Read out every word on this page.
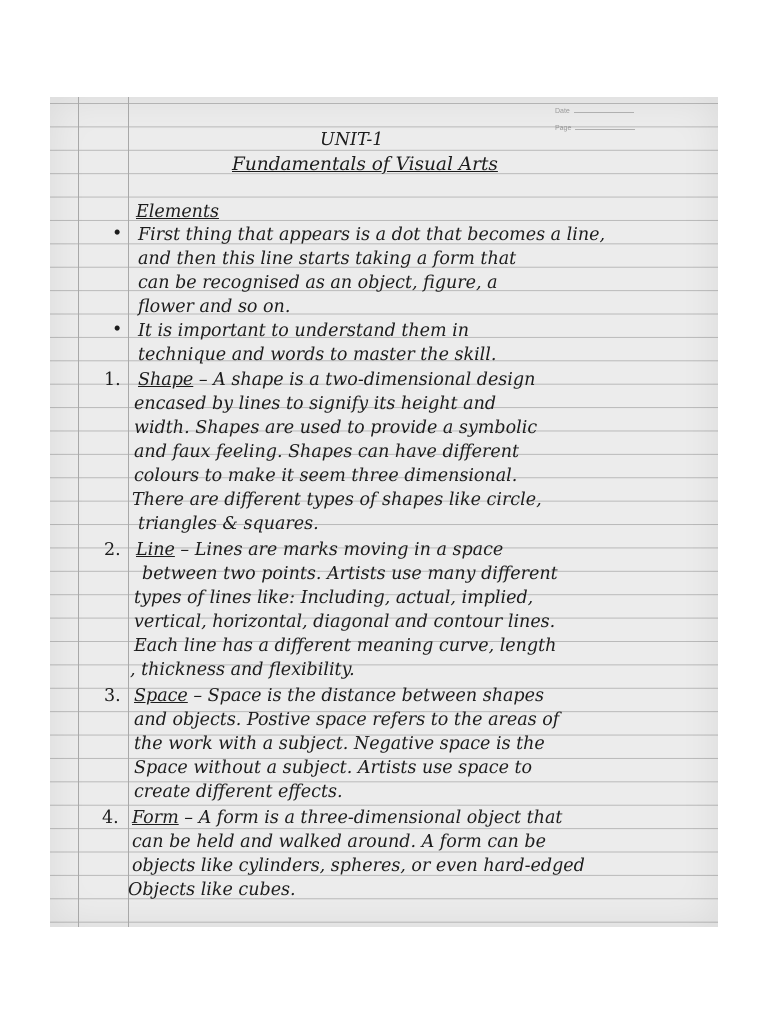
Date
Page
UNIT-1
Fundamentals of Visual Arts
Elements
• First thing that appears is a dot that becomes a line,
and then this line starts taking a form that
can be recognised as an object, figure, a
flower and so on.
• It is important to understand them in
technique and words to master the skill.
1. Shape – A shape is a two-dimensional design
encased by lines to signify its height and
width. Shapes are used to provide a symbolic
and faux feeling. Shapes can have different
colours to make it seem three dimensional.
There are different types of shapes like circle,
triangles & squares.
2. Line – Lines are marks moving in a space
between two points. Artists use many different
types of lines like: Including, actual, implied,
vertical, horizontal, diagonal and contour lines.
Each line has a different meaning curve, length
, thickness and flexibility.
3. Space – Space is the distance between shapes
and objects. Postive space refers to the areas of
the work with a subject. Negative space is the
Space without a subject. Artists use space to
create different effects.
4. Form – A form is a three-dimensional object that
can be held and walked around. A form can be
objects like cylinders, spheres, or even hard-edged
Objects like cubes.
